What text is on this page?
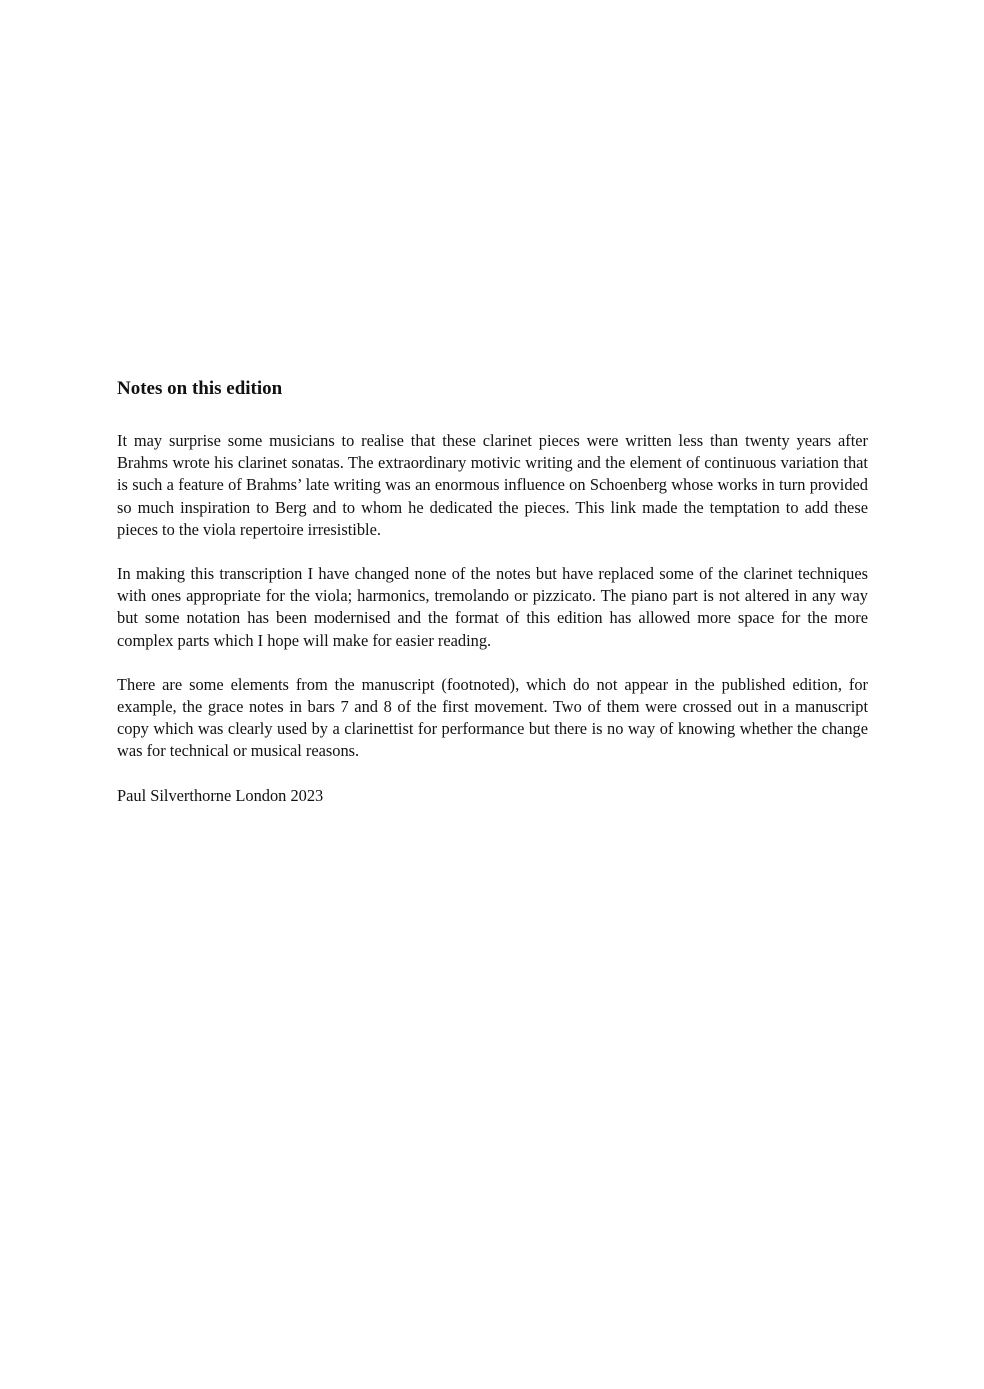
Notes on this edition

It may surprise some musicians to realise that these clarinet pieces were written less than twenty years after Brahms wrote his clarinet sonatas. The extraordinary motivic writing and the element of continuous variation that is such a feature of Brahms’ late writing was an enormous influence on Schoenberg whose works in turn provided so much inspiration to Berg and to whom he dedicated the pieces. This link made the temptation to add these pieces to the viola repertoire irresistible.

In making this transcription I have changed none of the notes but have replaced some of the clarinet techniques with ones appropriate for the viola; harmonics, tremolando or pizzicato. The piano part is not altered in any way but some notation has been modernised and the format of this edition has allowed more space for the more complex parts which I hope will make for easier reading.

There are some elements from the manuscript (footnoted), which do not appear in the published edition, for example, the grace notes in bars 7 and 8 of the first movement. Two of them were crossed out in a manuscript copy which was clearly used by a clarinettist for performance but there is no way of knowing whether the change was for technical or musical reasons.

Paul Silverthorne London 2023
